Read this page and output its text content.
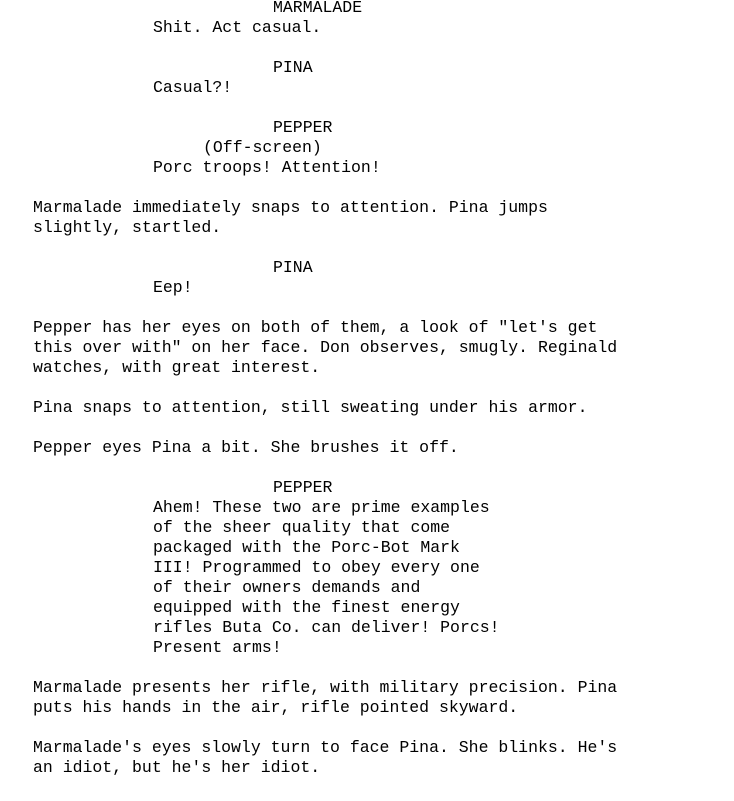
MARMALADE
Shit. Act casual.
PINA
Casual?!
PEPPER
(Off-screen)
Porc troops! Attention!
Marmalade immediately snaps to attention. Pina jumps
slightly, startled.
PINA
Eep!
Pepper has her eyes on both of them, a look of "let's get
this over with" on her face. Don observes, smugly. Reginald
watches, with great interest.
Pina snaps to attention, still sweating under his armor.
Pepper eyes Pina a bit. She brushes it off.
PEPPER
Ahem! These two are prime examples
of the sheer quality that come
packaged with the Porc-Bot Mark
III! Programmed to obey every one
of their owners demands and
equipped with the finest energy
rifles Buta Co. can deliver! Porcs!
Present arms!
Marmalade presents her rifle, with military precision. Pina
puts his hands in the air, rifle pointed skyward.
Marmalade's eyes slowly turn to face Pina. She blinks. He's
an idiot, but he's her idiot.
